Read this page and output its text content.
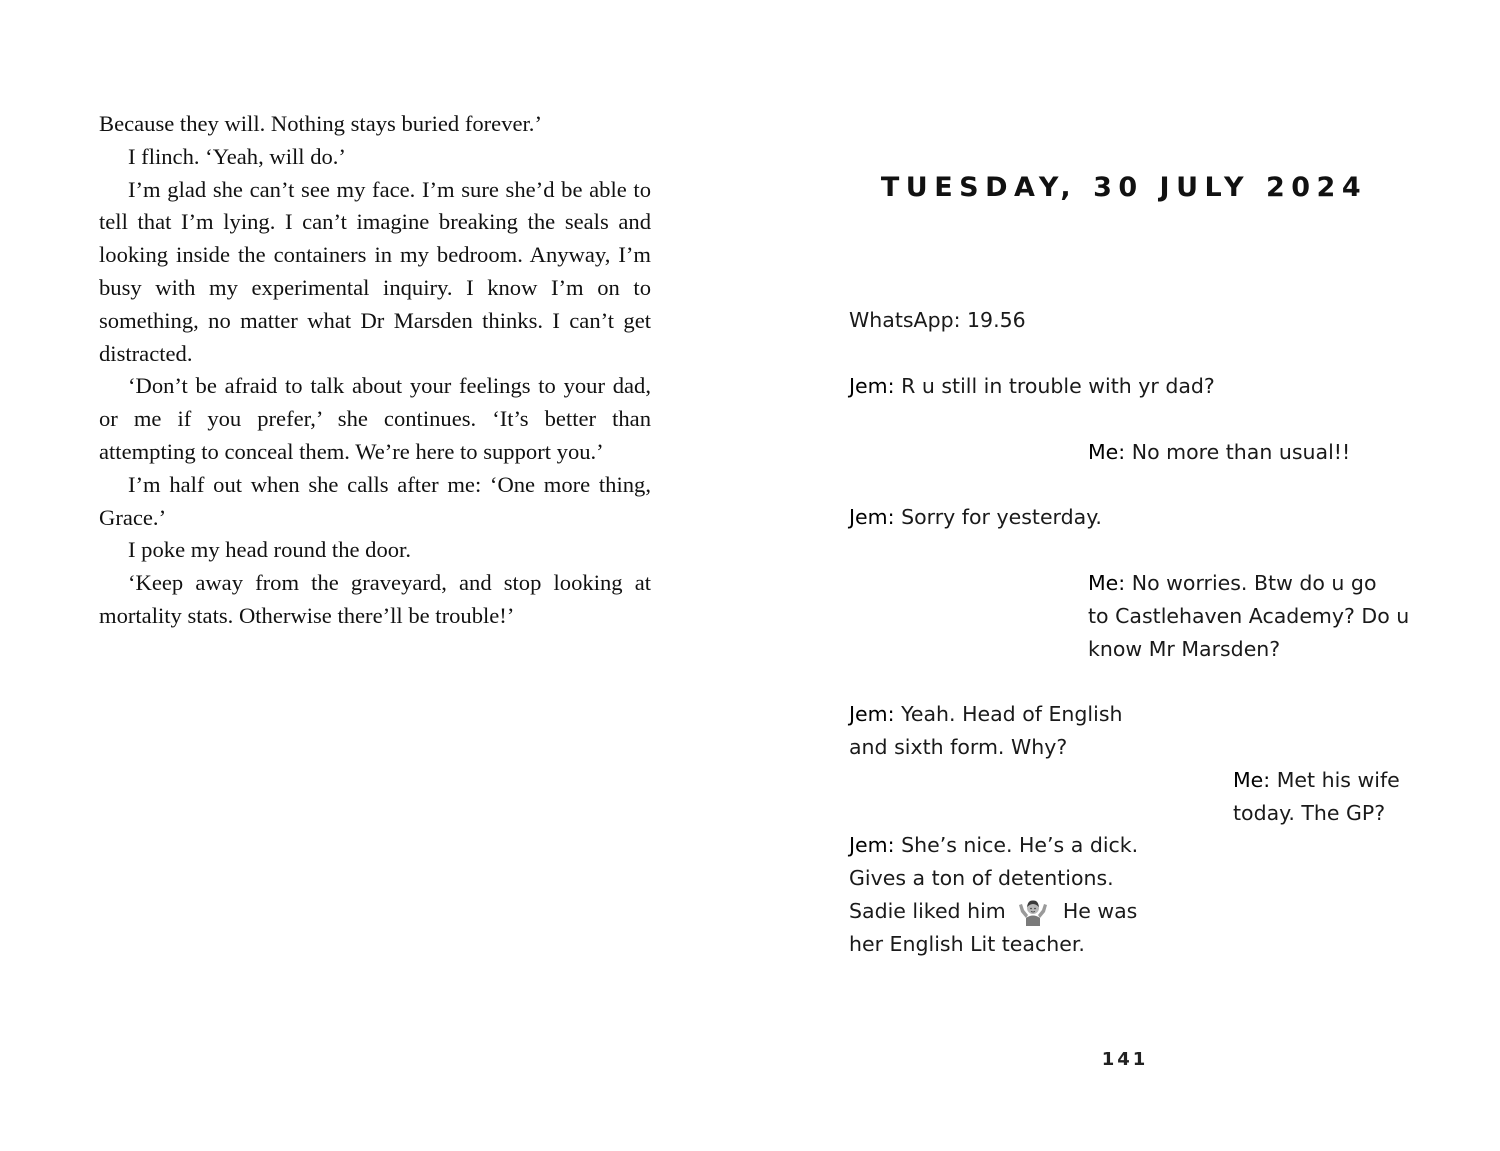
Because they will. Nothing stays buried forever.’

I flinch. ‘Yeah, will do.’

I’m glad she can’t see my face. I’m sure she’d be able to tell that I’m lying. I can’t imagine breaking the seals and looking inside the containers in my bedroom. Anyway, I’m busy with my experimental inquiry. I know I’m on to something, no matter what Dr Marsden thinks. I can’t get distracted.

‘Don’t be afraid to talk about your feelings to your dad, or me if you prefer,’ she continues. ‘It’s better than attempting to conceal them. We’re here to support you.’

I’m half out when she calls after me: ‘One more thing, Grace.’

I poke my head round the door.

‘Keep away from the graveyard, and stop looking at mortality stats. Otherwise there’ll be trouble!’

TUESDAY, 30 JULY 2024
WhatsApp: 19.56
Jem: R u still in trouble with yr dad?
Me: No more than usual!!
Jem: Sorry for yesterday.
Me: No worries. Btw do u go
to Castlehaven Academy? Do u
know Mr Marsden?
Jem: Yeah. Head of English
and sixth form. Why?
Me: Met his wife
today. The GP?
Jem: She’s nice. He’s a dick.
Gives a ton of detentions.
Sadie liked him	He was
her English Lit teacher.
141
